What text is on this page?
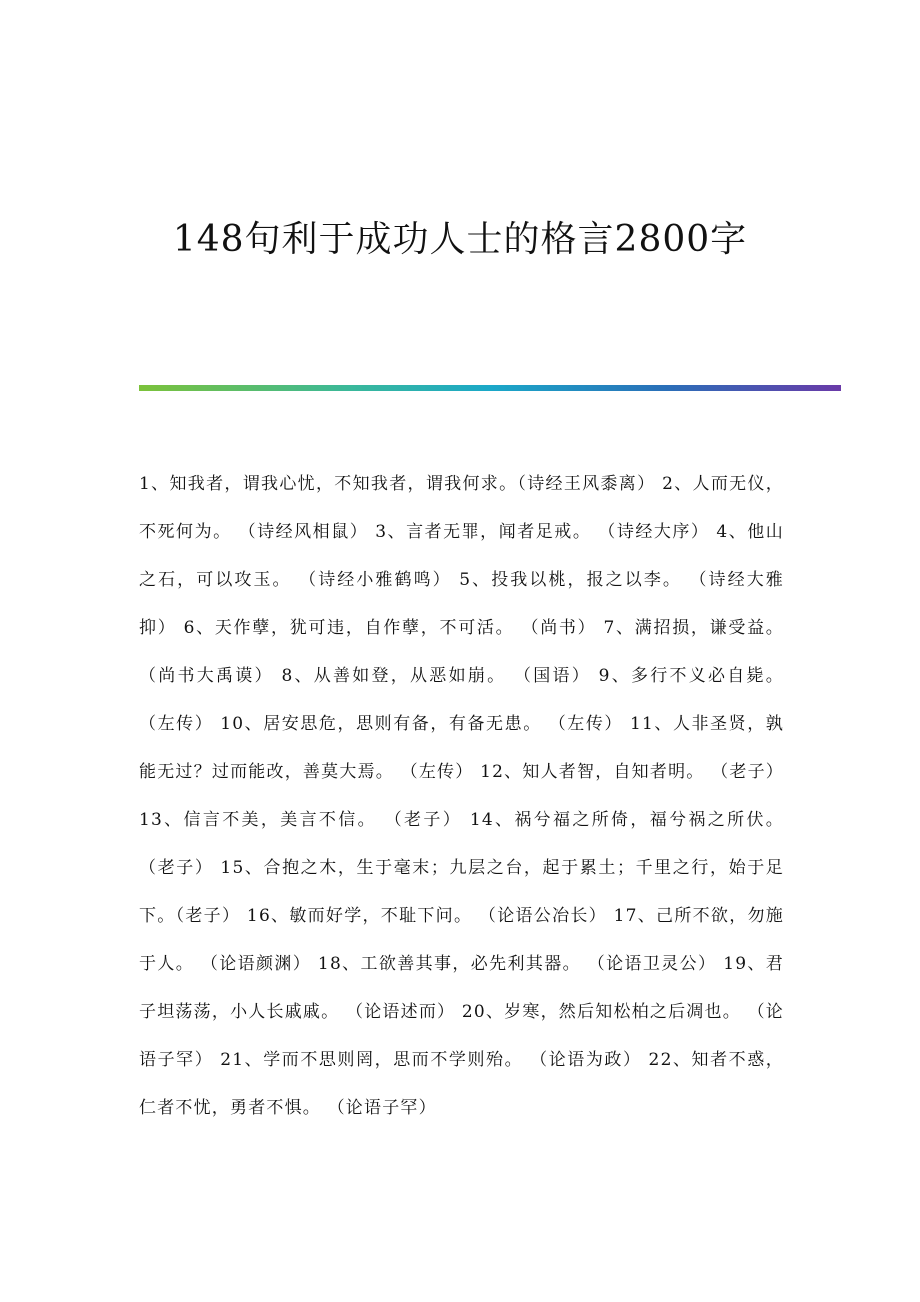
148句利于成功人士的格言2800字

1、知我者，谓我心忧，不知我者，谓我何求。（诗经王风黍离） 2、人而无仪，不死何为。 （诗经风相鼠） 3、言者无罪，闻者足戒。 （诗经大序） 4、他山之石，可以攻玉。 （诗经小雅鹤鸣） 5、投我以桃，报之以李。 （诗经大雅抑） 6、天作孽，犹可违，自作孽，不可活。 （尚书） 7、满招损，谦受益。 （尚书大禹谟） 8、从善如登，从恶如崩。 （国语） 9、多行不义必自毙。 （左传） 10、居安思危，思则有备，有备无患。 （左传） 11、人非圣贤，孰能无过？过而能改，善莫大焉。 （左传） 12、知人者智，自知者明。 （老子） 13、信言不美，美言不信。 （老子） 14、祸兮福之所倚，福兮祸之所伏。 （老子） 15、合抱之木，生于毫末；九层之台，起于累土；千里之行，始于足下。（老子） 16、敏而好学，不耻下问。 （论语公冶长） 17、己所不欲，勿施于人。 （论语颜渊） 18、工欲善其事，必先利其器。 （论语卫灵公） 19、君子坦荡荡，小人长戚戚。 （论语述而） 20、岁寒，然后知松柏之后凋也。 （论语子罕） 21、学而不思则罔，思而不学则殆。 （论语为政） 22、知者不惑，仁者不忧，勇者不惧。 （论语子罕）
